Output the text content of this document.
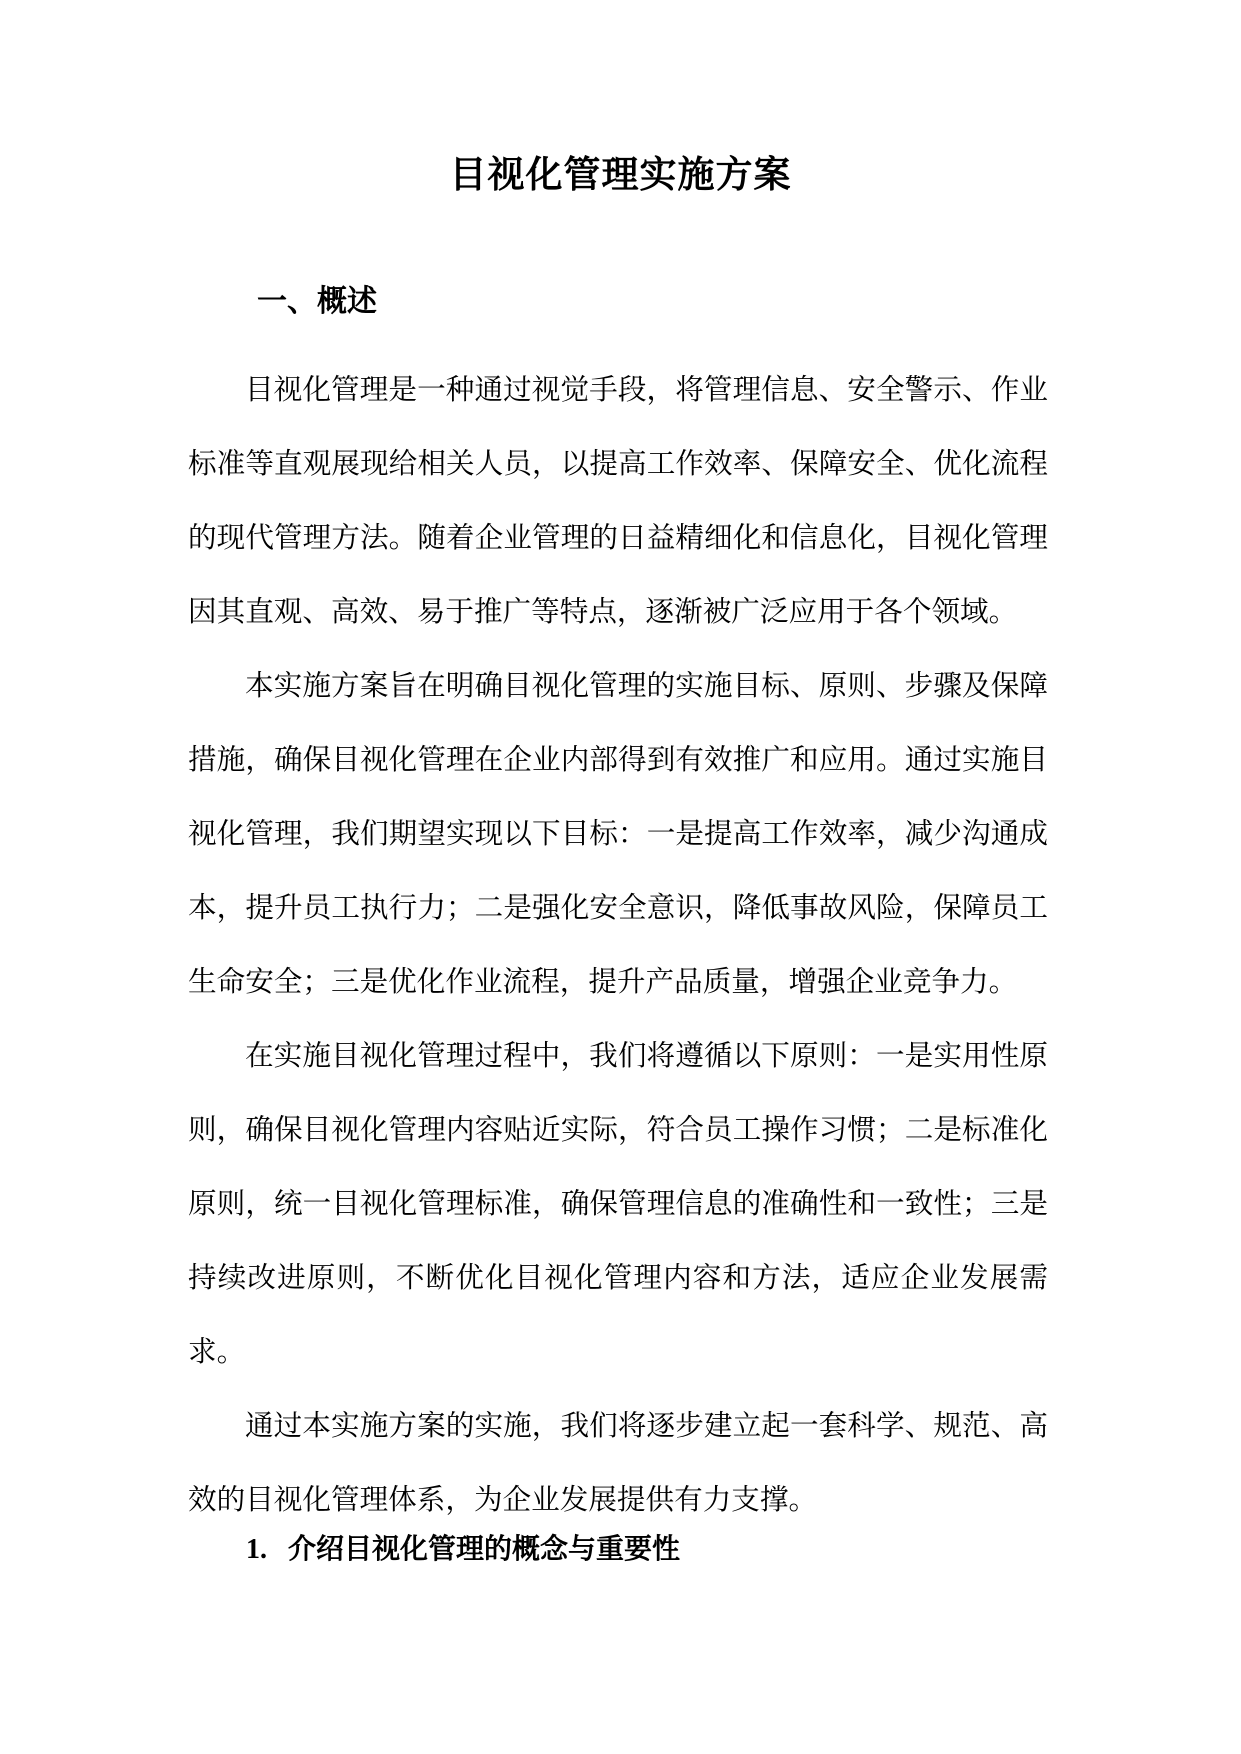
目视化管理实施方案
一、概述

目视化管理是一种通过视觉手段，将管理信息、安全警示、作业标准等直观展现给相关人员，以提高工作效率、保障安全、优化流程的现代管理方法。随着企业管理的日益精细化和信息化，目视化管理因其直观、高效、易于推广等特点，逐渐被广泛应用于各个领域。

本实施方案旨在明确目视化管理的实施目标、原则、步骤及保障措施，确保目视化管理在企业内部得到有效推广和应用。通过实施目视化管理，我们期望实现以下目标：一是提高工作效率，减少沟通成本，提升员工执行力；二是强化安全意识，降低事故风险，保障员工生命安全；三是优化作业流程，提升产品质量，增强企业竞争力。

在实施目视化管理过程中，我们将遵循以下原则：一是实用性原则，确保目视化管理内容贴近实际，符合员工操作习惯；二是标准化原则，统一目视化管理标准，确保管理信息的准确性和一致性；三是持续改进原则，不断优化目视化管理内容和方法，适应企业发展需求。

通过本实施方案的实施，我们将逐步建立起一套科学、规范、高效的目视化管理体系，为企业发展提供有力支撑。

1. 介绍目视化管理的概念与重要性
